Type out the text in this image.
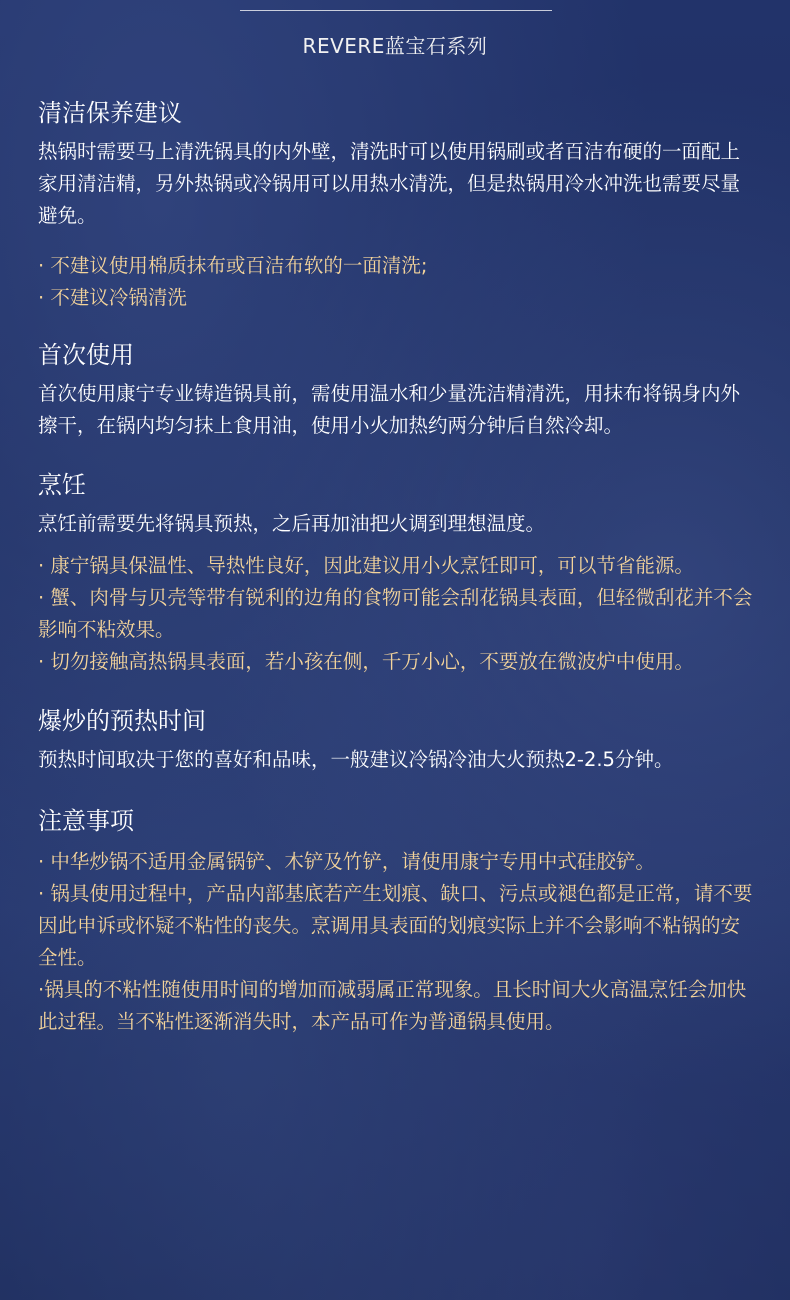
REVERE蓝宝石系列
清洁保养建议

热锅时需要马上清洗锅具的内外壁，清洗时可以使用锅刷或者百洁布硬的一面配上家用清洁精，另外热锅或冷锅用可以用热水清洗，但是热锅用冷水冲洗也需要尽量避免。

· 不建议使用棉质抹布或百洁布软的一面清洗;

· 不建议冷锅清洗

首次使用

首次使用康宁专业铸造锅具前，需使用温水和少量洗洁精清洗，用抹布将锅身内外擦干，在锅内均匀抹上食用油，使用小火加热约两分钟后自然冷却。

烹饪

烹饪前需要先将锅具预热，之后再加油把火调到理想温度。

· 康宁锅具保温性、导热性良好，因此建议用小火烹饪即可，可以节省能源。

· 蟹、肉骨与贝壳等带有锐利的边角的食物可能会刮花锅具表面，但轻微刮花并不会影响不粘效果。

· 切勿接触高热锅具表面，若小孩在侧，千万小心，不要放在微波炉中使用。

爆炒的预热时间

预热时间取决于您的喜好和品味，一般建议冷锅冷油大火预热2-2.5分钟。

注意事项

· 中华炒锅不适用金属锅铲、木铲及竹铲，请使用康宁专用中式硅胶铲。

· 锅具使用过程中，产品内部基底若产生划痕、缺口、污点或褪色都是正常，请不要因此申诉或怀疑不粘性的丧失。烹调用具表面的划痕实际上并不会影响不粘锅的安全性。

·锅具的不粘性随使用时间的增加而减弱属正常现象。且长时间大火高温烹饪会加快此过程。当不粘性逐渐消失时，本产品可作为普通锅具使用。
